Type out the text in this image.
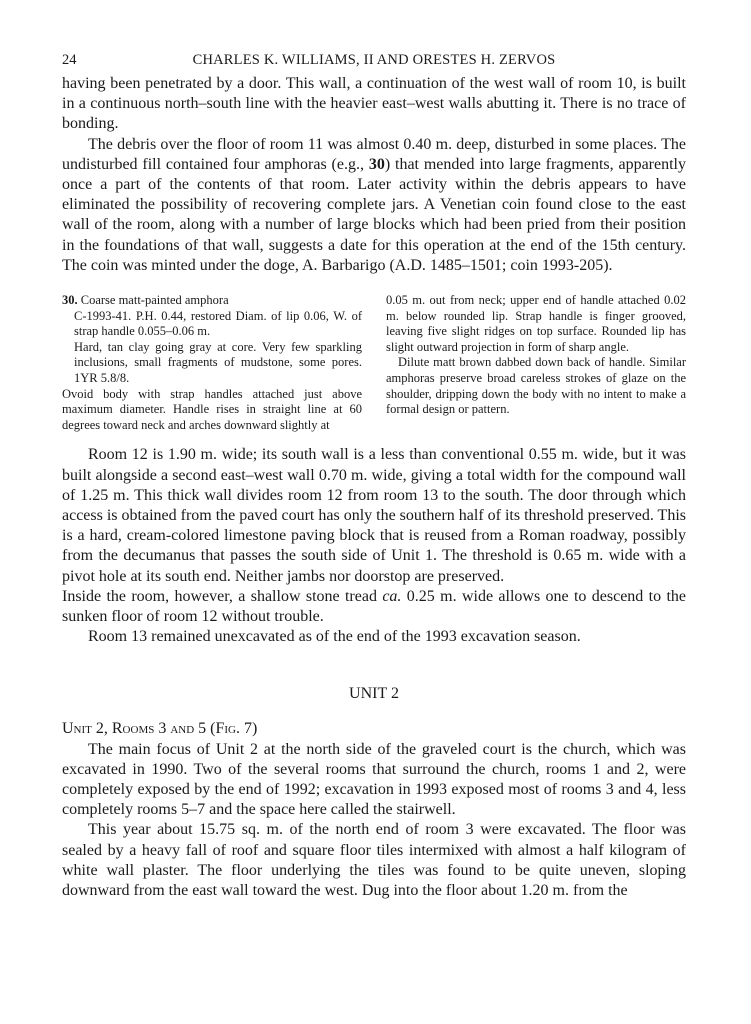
24	CHARLES K. WILLIAMS, II AND ORESTES H. ZERVOS

having been penetrated by a door. This wall, a continuation of the west wall of room 10, is built in a continuous north–south line with the heavier east–west walls abutting it. There is no trace of bonding.

The debris over the floor of room 11 was almost 0.40 m. deep, disturbed in some places. The undisturbed fill contained four amphoras (e.g., 30) that mended into large fragments, apparently once a part of the contents of that room. Later activity within the debris appears to have eliminated the possibility of recovering complete jars. A Venetian coin found close to the east wall of the room, along with a number of large blocks which had been pried from their position in the foundations of that wall, suggests a date for this operation at the end of the 15th century. The coin was minted under the doge, A. Barbarigo (A.D. 1485–1501; coin 1993-205).

30. Coarse matt-painted amphora

C-1993-41. P.H. 0.44, restored Diam. of lip 0.06, W. of strap handle 0.055–0.06 m.

Hard, tan clay going gray at core. Very few sparkling inclusions, small fragments of mudstone, some pores. 1YR 5.8/8.

Ovoid body with strap handles attached just above maximum diameter. Handle rises in straight line at 60 degrees toward neck and arches downward slightly at

0.05 m. out from neck; upper end of handle attached 0.02 m. below rounded lip. Strap handle is finger grooved, leaving five slight ridges on top surface. Rounded lip has slight outward projection in form of sharp angle.

Dilute matt brown dabbed down back of handle. Similar amphoras preserve broad careless strokes of glaze on the shoulder, dripping down the body with no intent to make a formal design or pattern.

Room 12 is 1.90 m. wide; its south wall is a less than conventional 0.55 m. wide, but it was built alongside a second east–west wall 0.70 m. wide, giving a total width for the compound wall of 1.25 m. This thick wall divides room 12 from room 13 to the south. The door through which access is obtained from the paved court has only the southern half of its threshold preserved. This is a hard, cream-colored limestone paving block that is reused from a Roman roadway, possibly from the decumanus that passes the south side of Unit 1. The threshold is 0.65 m. wide with a pivot hole at its south end. Neither jambs nor doorstop are preserved.

Inside the room, however, a shallow stone tread ca. 0.25 m. wide allows one to descend to the sunken floor of room 12 without trouble.

Room 13 remained unexcavated as of the end of the 1993 excavation season.

UNIT 2

Unit 2, Rooms 3 and 5 (Fig. 7)

The main focus of Unit 2 at the north side of the graveled court is the church, which was excavated in 1990. Two of the several rooms that surround the church, rooms 1 and 2, were completely exposed by the end of 1992; excavation in 1993 exposed most of rooms 3 and 4, less completely rooms 5–7 and the space here called the stairwell.

This year about 15.75 sq. m. of the north end of room 3 were excavated. The floor was sealed by a heavy fall of roof and square floor tiles intermixed with almost a half kilogram of white wall plaster. The floor underlying the tiles was found to be quite uneven, sloping downward from the east wall toward the west. Dug into the floor about 1.20 m. from the
